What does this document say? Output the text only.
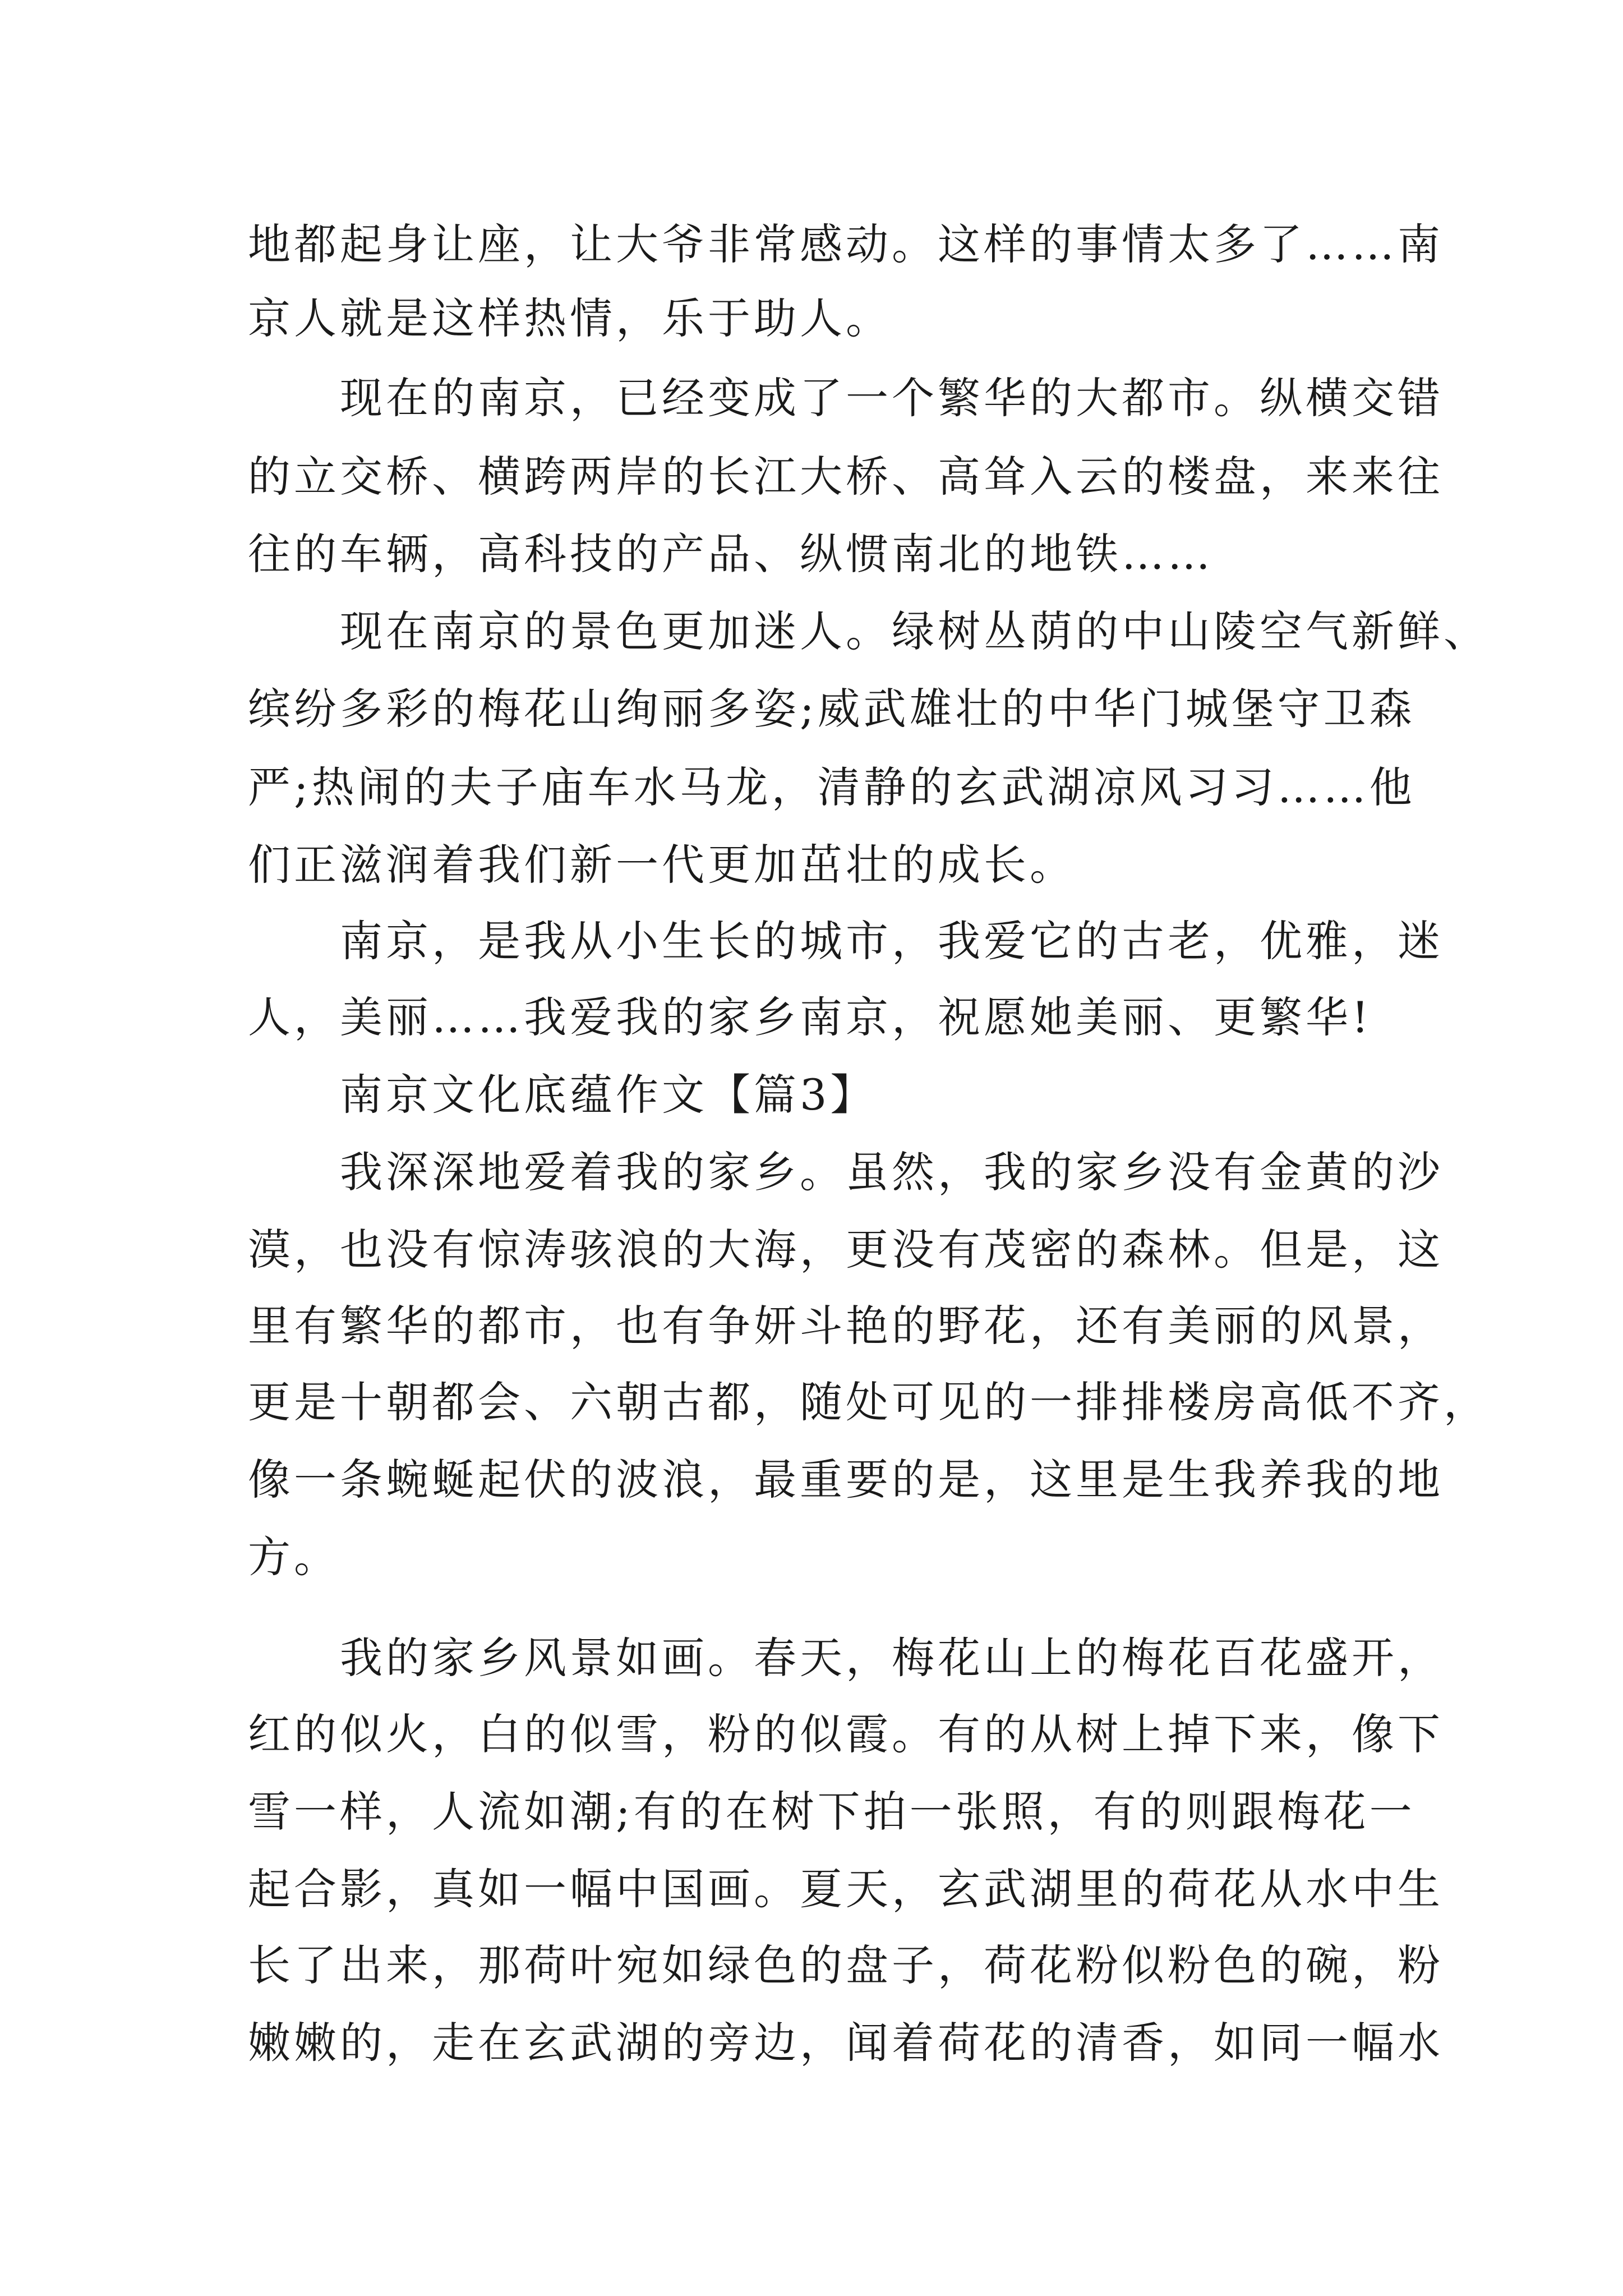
地都起身让座，让大爷非常感动。这样的事情太多了……南
京人就是这样热情，乐于助人。
　　现在的南京，已经变成了一个繁华的大都市。纵横交错
的立交桥、横跨两岸的长江大桥、高耸入云的楼盘，来来往
往的车辆，高科技的产品、纵惯南北的地铁……
　　现在南京的景色更加迷人。绿树丛荫的中山陵空气新鲜、
缤纷多彩的梅花山绚丽多姿;威武雄壮的中华门城堡守卫森
严;热闹的夫子庙车水马龙，清静的玄武湖凉风习习……他
们正滋润着我们新一代更加茁壮的成长。
　　南京，是我从小生长的城市，我爱它的古老，优雅，迷
人，美丽……我爱我的家乡南京，祝愿她美丽、更繁华!
　　南京文化底蕴作文【篇3】
　　我深深地爱着我的家乡。虽然，我的家乡没有金黄的沙
漠，也没有惊涛骇浪的大海，更没有茂密的森林。但是，这
里有繁华的都市，也有争妍斗艳的野花，还有美丽的风景，
更是十朝都会、六朝古都，随处可见的一排排楼房高低不齐，
像一条蜿蜒起伏的波浪，最重要的是，这里是生我养我的地
方。
　　我的家乡风景如画。春天，梅花山上的梅花百花盛开，
红的似火，白的似雪，粉的似霞。有的从树上掉下来，像下
雪一样，人流如潮;有的在树下拍一张照，有的则跟梅花一
起合影，真如一幅中国画。夏天，玄武湖里的荷花从水中生
长了出来，那荷叶宛如绿色的盘子，荷花粉似粉色的碗，粉
嫩嫩的，走在玄武湖的旁边，闻着荷花的清香，如同一幅水
